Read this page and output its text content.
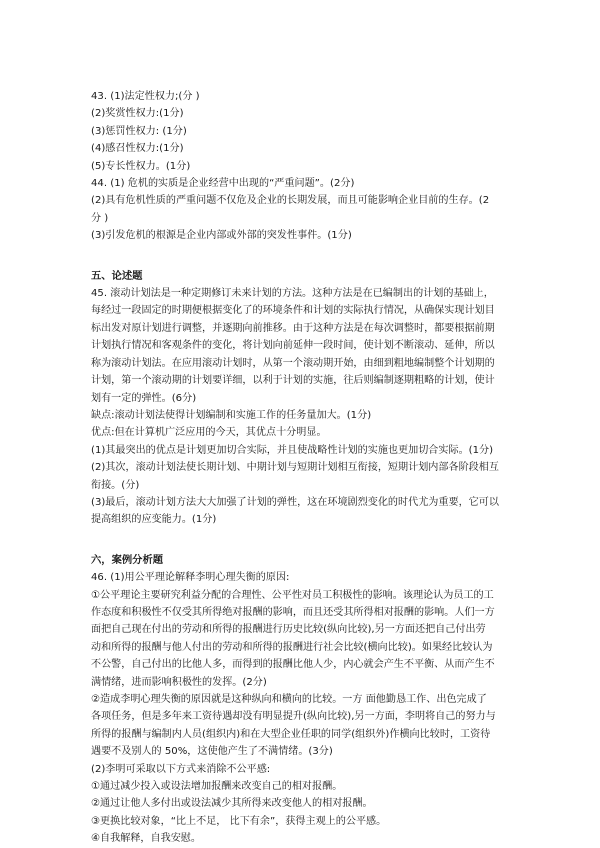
43. (1)法定性权力;(分 )
(2)奖赏性权力:(1分)
(3)惩罚性权力: (1分)
(4)感召性权力:(1分)
(5)专长性权力。(1分)
44. (1) 危机的实质是企业经营中出现的“严重问题”。(2分)
(2)具有危机性质的严重问题不仅危及企业的长期发展，而且可能影响企业目前的生存。(2
分 )
(3)引发危机的根源是企业内部或外部的突发性事件。(1分)
五、论述题
45. 滚动计划法是一种定期修订未来计划的方法。这种方法是在已编制出的计划的基础上，
每经过一段固定的时期便根据变化了的环境条件和计划的实际执行情况，从确保实现计划目
标出发对原计划进行调整，并逐期向前推移。由于这种方法是在每次调整时，都要根据前期
计划执行情况和客观条件的变化，将计划向前延伸一段时间，使计划不断滚动、延伸，所以
称为滚动计划法。在应用滚动计划时，从第一个滚动期开始，由细到粗地编制整个计划期的
计划，第一个滚动期的计划要详细，以利于计划的实施，往后则编制逐期粗略的计划，使计
划有一定的弹性。(6分)
缺点:滚动计划法使得计划编制和实施工作的任务量加大。(1分)
优点:但在计算机广泛应用的今天，其优点十分明显。
(1)其最突出的优点是计划更加切合实际，并且使战略性计划的实施也更加切合实际。(1分)
(2)其次，滚动计划法使长期计划、中期计划与短期计划相互衔接，短期计划内部各阶段相互
衔接。(分)
(3)最后，滚动计划方法大大加强了计划的弹性，这在环境剧烈变化的时代尤为重要，它可以
提高组织的应变能力。(1分)
六，案例分析题
46. (1)用公平理论解释李明心理失衡的原因:
①公平理论主要研究利益分配的合理性、公平性对员工积极性的影响。该理论认为员工的工
作态度和积极性不仅受其所得绝对报酬的影响，而且还受其所得相对报酬的影响。人们一方
面把自己现在付出的劳动和所得的报酬进行历史比较(纵向比较),另一方面还把自己付出劳
动和所得的报酬与他人付出的劳动和所得的报酬进行社会比较(横向比较)。如果经比较认为
不公警，自己付出的比他人多，而得到的报酬比他人少，内心就会产生不平衡、从而产生不
满情绪，进而影响积极性的发挥。(2分)
②造成李明心理失衡的原因就是这种纵向和横向的比较。一方 面他勤恳工作、出色完成了
各项任务，但是多年来工资待遇却没有明显提升(纵向比较),另一方面，李明将自己的努力与
所得的报酬与编制内人员(组织内)和在大型企业任职的同学(组织外)作横向比较时，工资待
遇要不及别人的 50%，这使他产生了不满情绪。(3分)
(2)李明可采取以下方式来消除不公平感:
①通过减少投入或设法增加报酬来改变自己的相对报酬。
②通过让他人多付出或设法减少其所得来改变他人的相对报酬。
③更换比较对象，“比上不足， 比下有余”，获得主观上的公平感。
④自我解释，自我安慰。
